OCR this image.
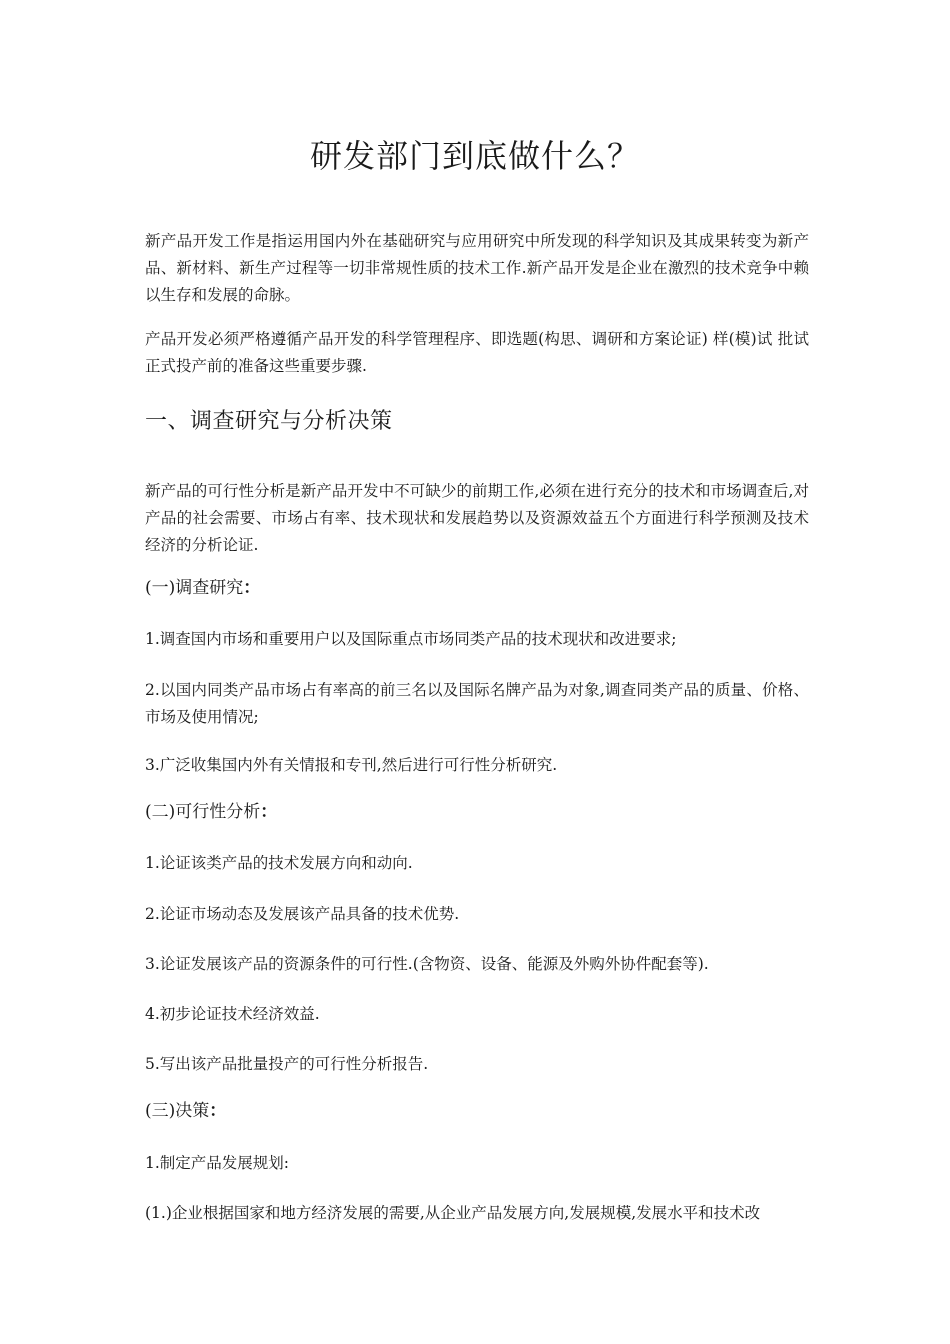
研发部门到底做什么？
新产品开发工作是指运用国内外在基础研究与应用研究中所发现的科学知识及其成果转变为新产品、新材料、新生产过程等一切非常规性质的技术工作.新产品开发是企业在激烈的技术竞争中赖以生存和发展的命脉。
产品开发必须严格遵循产品开发的科学管理程序、即选题(构思、调研和方案论证) 样(模)试 批试 正式投产前的准备这些重要步骤.
一、调查研究与分析决策
新产品的可行性分析是新产品开发中不可缺少的前期工作,必须在进行充分的技术和市场调查后,对产品的社会需要、市场占有率、技术现状和发展趋势以及资源效益五个方面进行科学预测及技术经济的分析论证.
(一)调查研究：
1.调查国内市场和重要用户以及国际重点市场同类产品的技术现状和改进要求;
2.以国内同类产品市场占有率高的前三名以及国际名牌产品为对象,调查同类产品的质量、价格、市场及使用情况;
3.广泛收集国内外有关情报和专刊,然后进行可行性分析研究.
(二)可行性分析：
1.论证该类产品的技术发展方向和动向.
2.论证市场动态及发展该产品具备的技术优势.
3.论证发展该产品的资源条件的可行性.(含物资、设备、能源及外购外协件配套等).
4.初步论证技术经济效益.
5.写出该产品批量投产的可行性分析报告.
(三)决策：
1.制定产品发展规划:
(1.)企业根据国家和地方经济发展的需要,从企业产品发展方向,发展规模,发展水平和技术改
